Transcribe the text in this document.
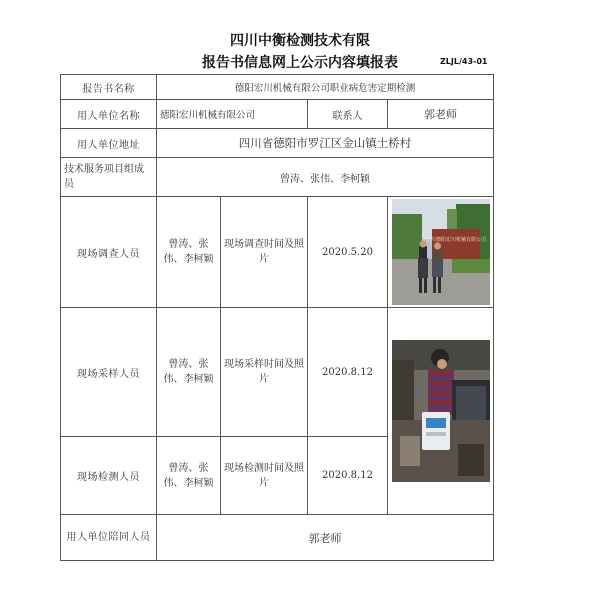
四川中衡检测技术有限
报告书信息网上公示内容填报表	ZLJL/43-01
报告书名称	德阳宏川机械有限公司职业病危害定期检测			
用人单位名称	德阳宏川机械有限公司		联系人	郭老师
用人单位地址	四川省德阳市罗江区金山镇土桥村			
技术服务项目组成员	曾涛、张伟、李柯颖			
现场调查人员	曾涛、张伟、李柯颖	现场调查时间及照片	2020.5.20	四川德阳宏川机械有限公司

现场采样人员	曾涛、张伟、李柯颖	现场采样时间及照片	2020.8.12	

现场检测人员	曾涛、张伟、李柯颖	现场检测时间及照片	2020.8.12	
用人单位陪同人员	郭老师			
